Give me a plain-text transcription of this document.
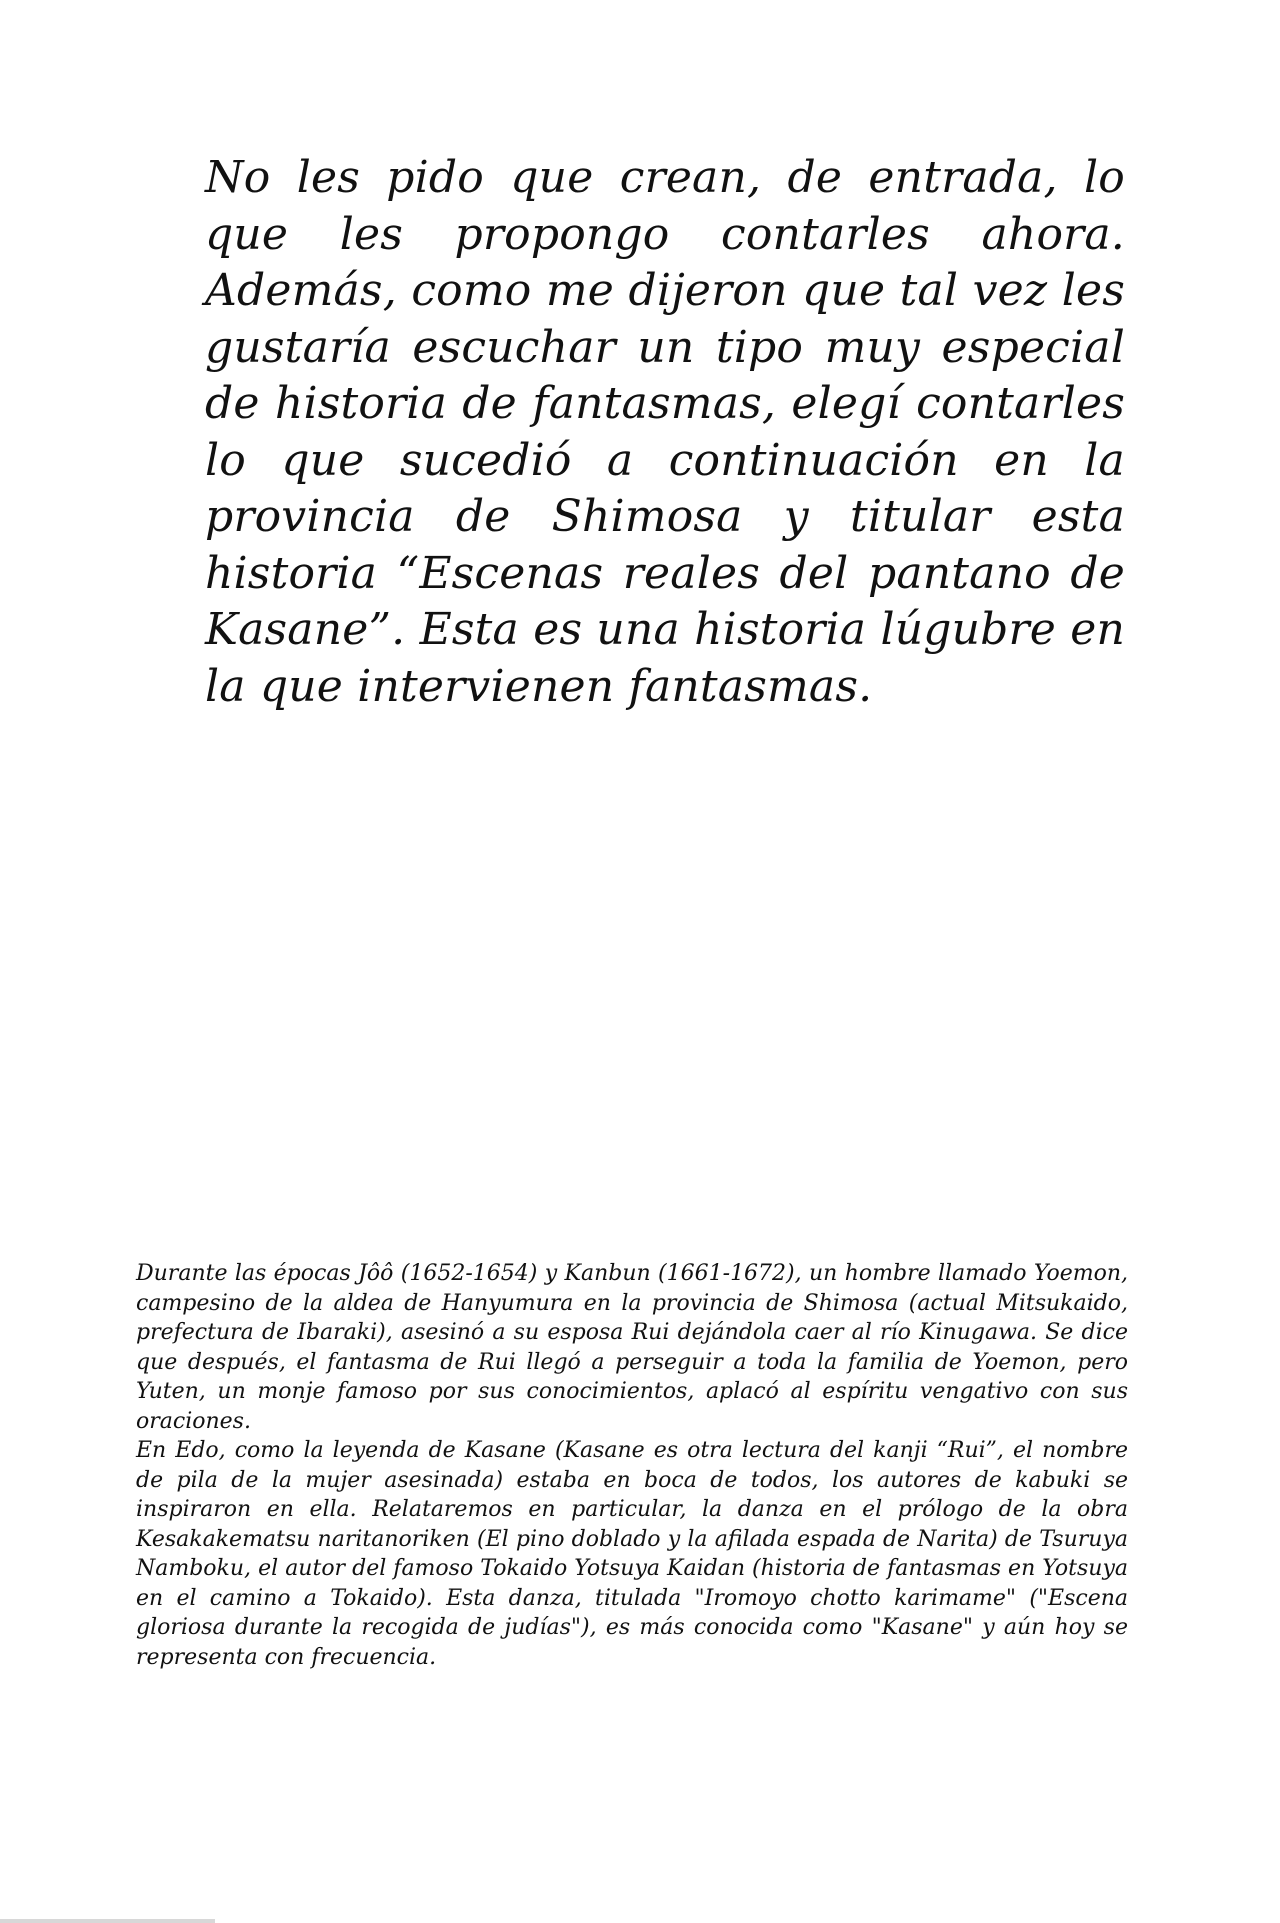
No les pido que crean, de entrada, lo que les propongo contarles ahora. Además, como me dijeron que tal vez les gustaría escuchar un tipo muy especial de historia de fantasmas, elegí contarles lo que sucedió a continuación en la provincia de Shimosa y titular esta historia “Escenas reales del pantano de Kasane”. Esta es una historia lúgubre en la que intervienen fantasmas.

Durante las épocas Jôô (1652-1654) y Kanbun (1661-1672), un hombre llamado Yoemon, campesino de la aldea de Hanyumura en la provincia de Shimosa (actual Mitsukaido, prefectura de Ibaraki), asesinó a su esposa Rui dejándola caer al río Kinugawa. Se dice que después, el fantasma de Rui llegó a perseguir a toda la familia de Yoemon, pero Yuten, un monje famoso por sus conocimientos, aplacó al espíritu vengativo con sus oraciones.

En Edo, como la leyenda de Kasane (Kasane es otra lectura del kanji “Rui”, el nombre de pila de la mujer asesinada) estaba en boca de todos, los autores de kabuki se inspiraron en ella. Relataremos en particular, la danza en el prólogo de la obra Kesakakematsu naritanoriken (El pino doblado y la afilada espada de Narita) de Tsuruya Namboku, el autor del famoso Tokaido Yotsuya Kaidan (historia de fantasmas en Yotsuya en el camino a Tokaido). Esta danza, titulada "Iromoyo chotto karimame" ("Escena gloriosa durante la recogida de judías"), es más conocida como "Kasane" y aún hoy se representa con frecuencia.
